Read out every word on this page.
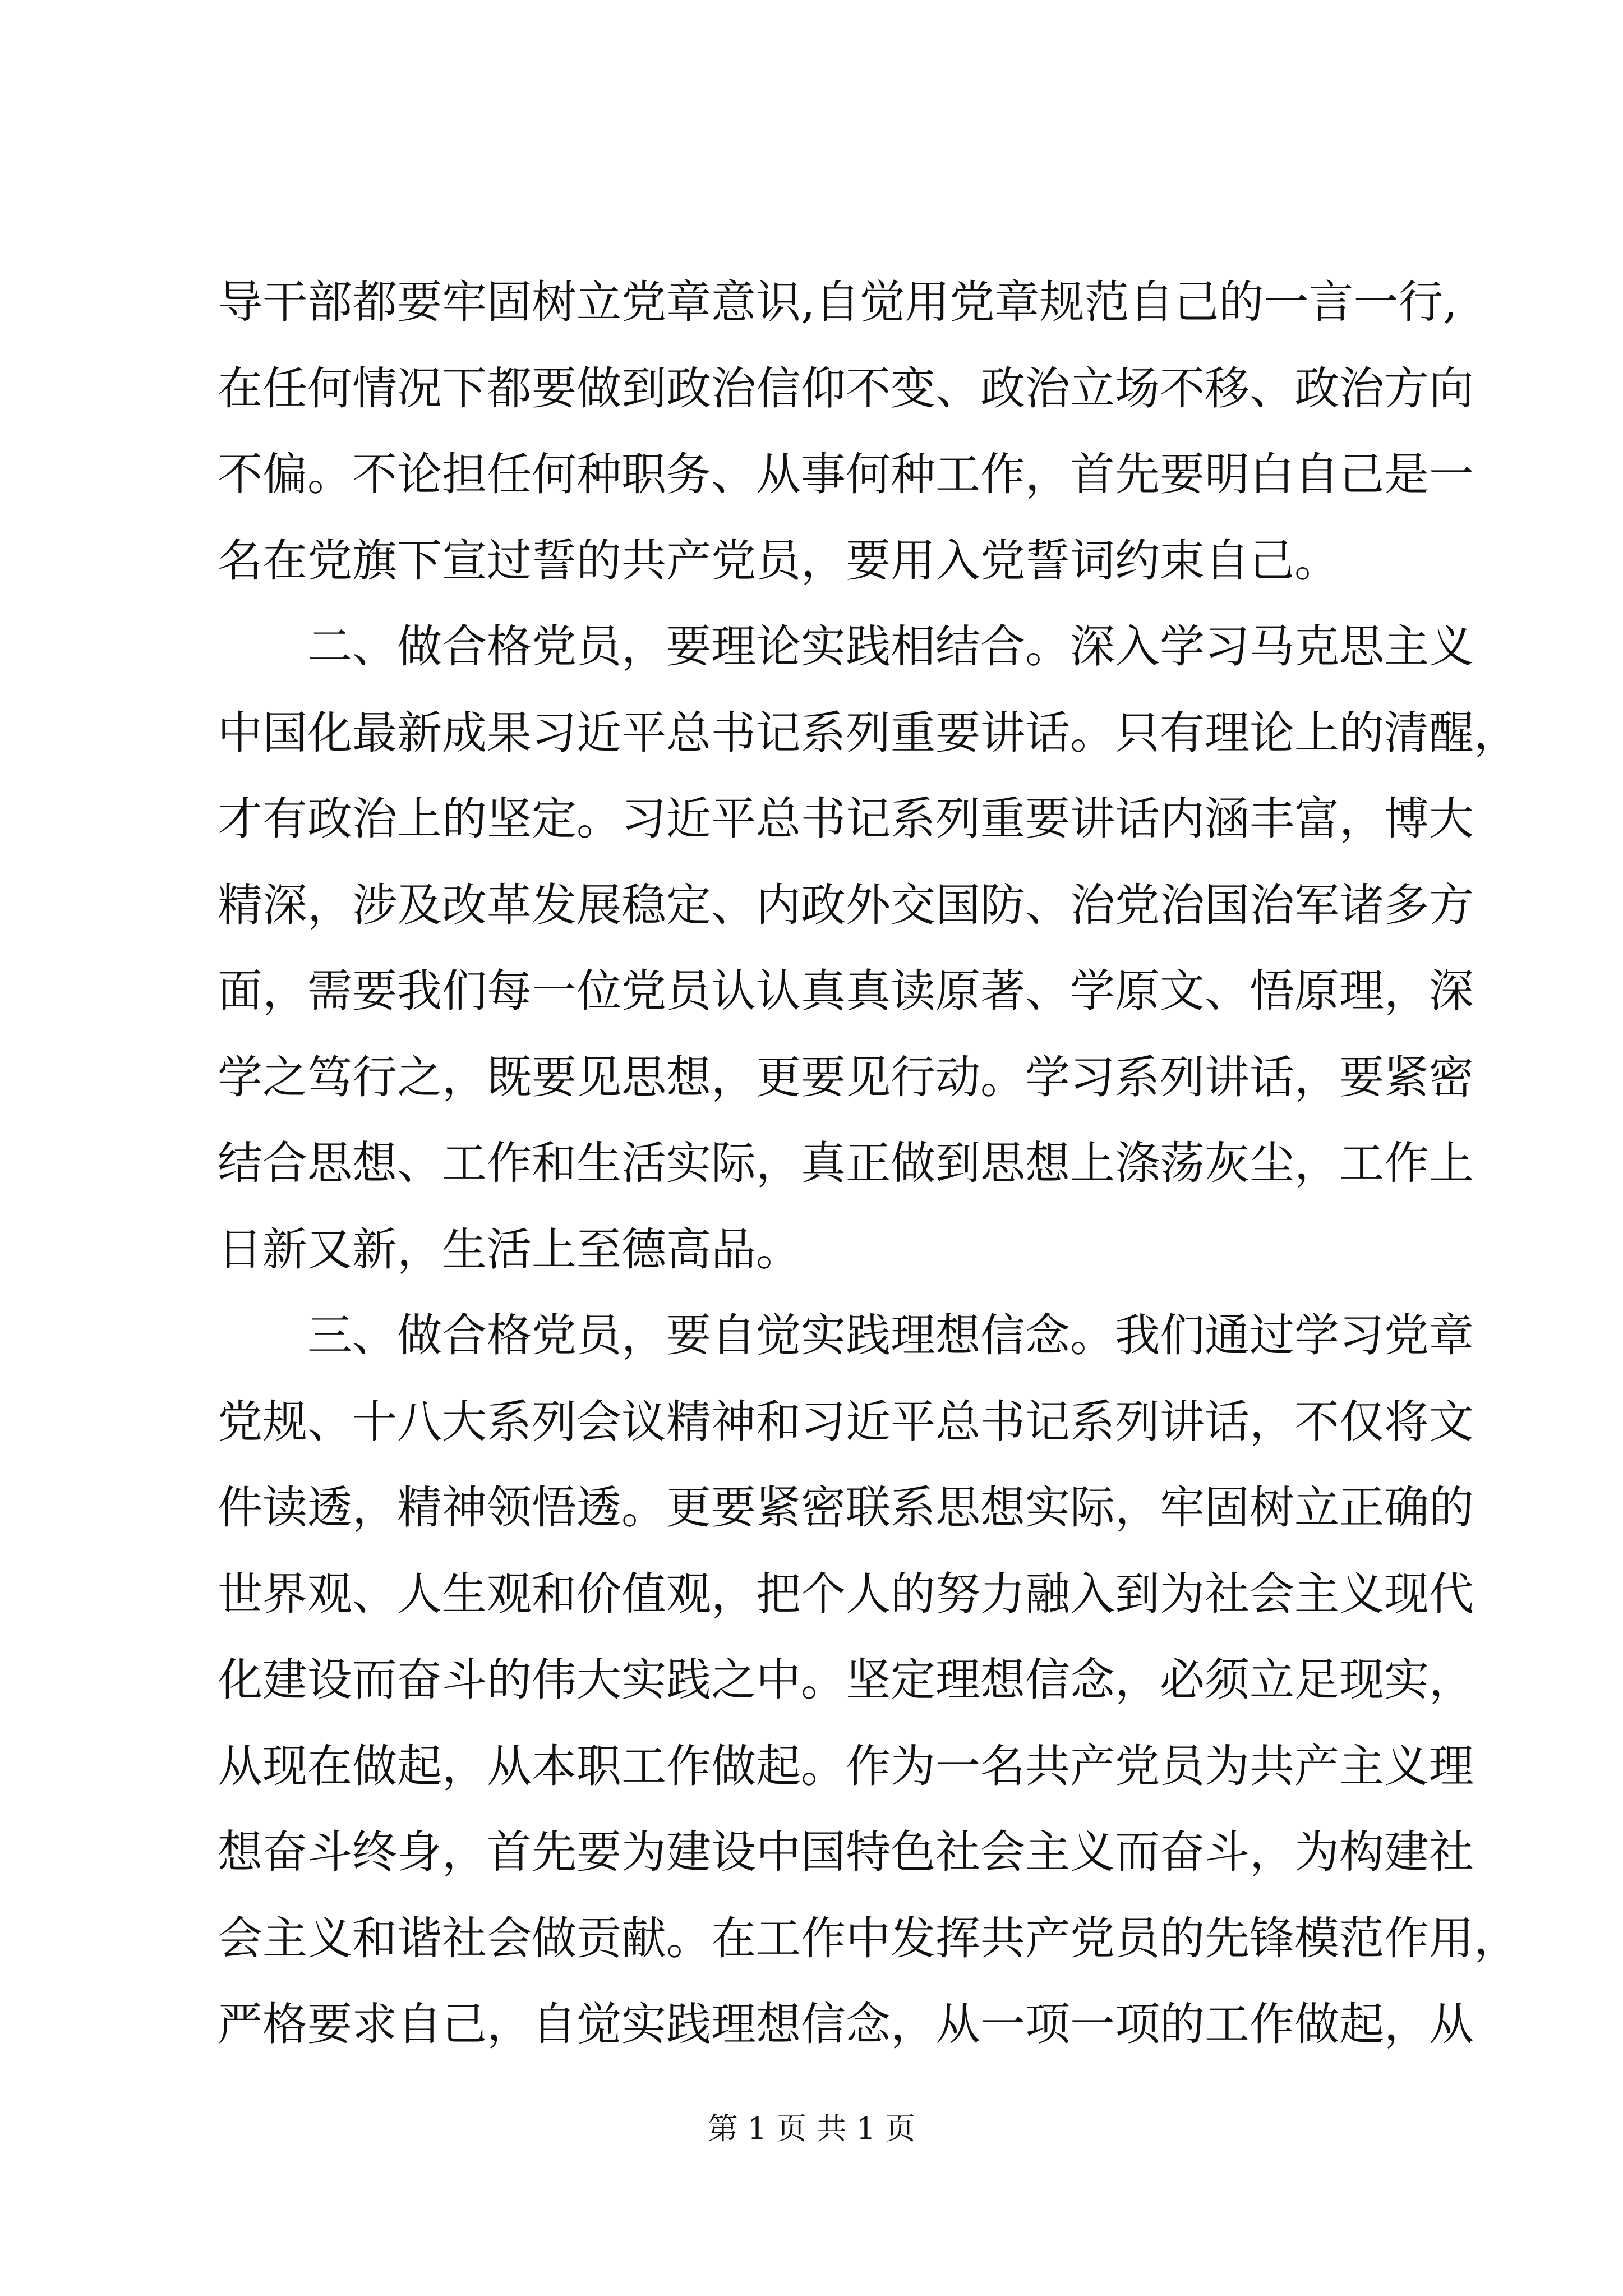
导干部都要牢固树立党章意识,自觉用党章规范自己的一言一行,
在任何情况下都要做到政治信仰不变、政治立场不移、政治方向
不偏。不论担任何种职务、从事何种工作，首先要明白自己是一
名在党旗下宣过誓的共产党员，要用入党誓词约束自己。
二、做合格党员，要理论实践相结合。深入学习马克思主义
中国化最新成果习近平总书记系列重要讲话。只有理论上的清醒，
才有政治上的坚定。习近平总书记系列重要讲话内涵丰富，博大
精深，涉及改革发展稳定、内政外交国防、治党治国治军诸多方
面，需要我们每一位党员认认真真读原著、学原文、悟原理，深
学之笃行之，既要见思想，更要见行动。学习系列讲话，要紧密
结合思想、工作和生活实际，真正做到思想上涤荡灰尘，工作上
日新又新，生活上至德高品。
三、做合格党员，要自觉实践理想信念。我们通过学习党章
党规、十八大系列会议精神和习近平总书记系列讲话，不仅将文
件读透，精神领悟透。更要紧密联系思想实际，牢固树立正确的
世界观、人生观和价值观，把个人的努力融入到为社会主义现代
化建设而奋斗的伟大实践之中。坚定理想信念，必须立足现实，
从现在做起，从本职工作做起。作为一名共产党员为共产主义理
想奋斗终身，首先要为建设中国特色社会主义而奋斗，为构建社
会主义和谐社会做贡献。在工作中发挥共产党员的先锋模范作用，
严格要求自己，自觉实践理想信念，从一项一项的工作做起，从
第 1 页 共 1 页
